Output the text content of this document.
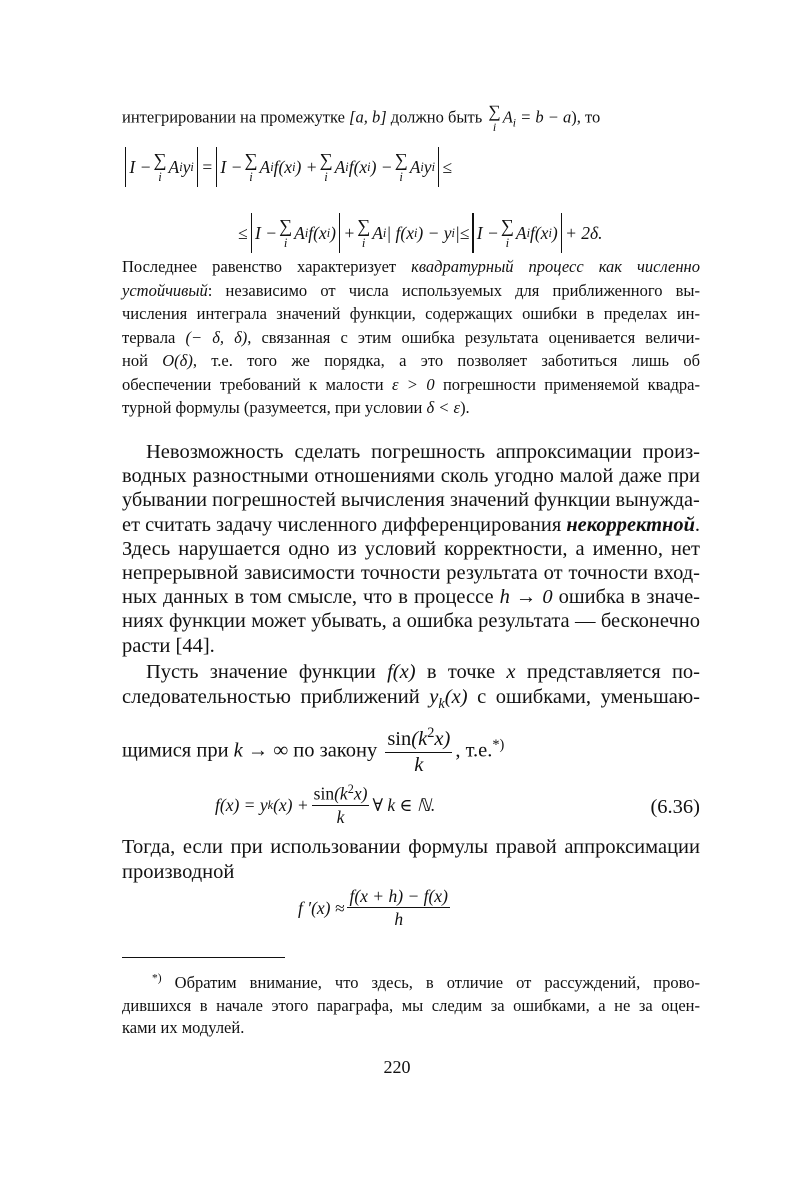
интегрировании на промежутке [a, b] должно быть ∑
i
$A_i = b - a$), то
I − ∑
i
A i y i = I − ∑
i
A i f(x i ) + ∑
i
A i f(x i ) − ∑
i
A i y i ≤
≤ I − ∑
i
A i f(x i ) + ∑
i
A i | f(x i ) − y i |≤ I − ∑
i
A i f(x i ) + 2δ.
f(x) = y k $(x) + \frac{\sin(k^2x)}{k}$ ∀ k ∈ ℕ.	(6.36)
f $'(x) \approx \frac{f(x + h) - f(x)}{h}$
220
Последнее равенство характеризует квадратурный процесс как численно
устойчивый: независимо от числа используемых для приближенного вы-
числения интеграла значений функции, содержащих ошибки в пределах ин-
тервала (− δ, δ), связанная с этим ошибка результата оценивается величи-
ной O(δ), т.е. того же порядка, а это позволяет заботиться лишь об
обеспечении требований к малости ε > 0 погрешности применяемой квадра-
турной формулы (разумеется, при условии δ < ε).
Невозможность сделать погрешность аппроксимации произ-
водных разностными отношениями сколь угодно малой даже при
убывании погрешностей вычисления значений функции вынужда-
ет считать задачу численного дифференцирования некорректной.
Здесь нарушается одно из условий корректности, а именно, нет
непрерывной зависимости точности результата от точности вход-
ных данных в том смысле, что в процессе h → 0 ошибка в значе-
ниях функции может убывать, а ошибка результата — бесконечно
расти [44].
Пусть значение функции f(x) в точке x представляется по-
следовательностью приближений $y_k(x)$ с ошибками, уменьшаю-
щимися при k → ∞ по закону $\frac{\sin(k^2x)}{k}$ , т.е.*)
Тогда, если при использовании формулы правой аппроксимации
производной
*) Обратим внимание, что здесь, в отличие от рассуждений, прово-
дившихся в начале этого параграфа, мы следим за ошибками, а не за оцен-
ками их модулей.
